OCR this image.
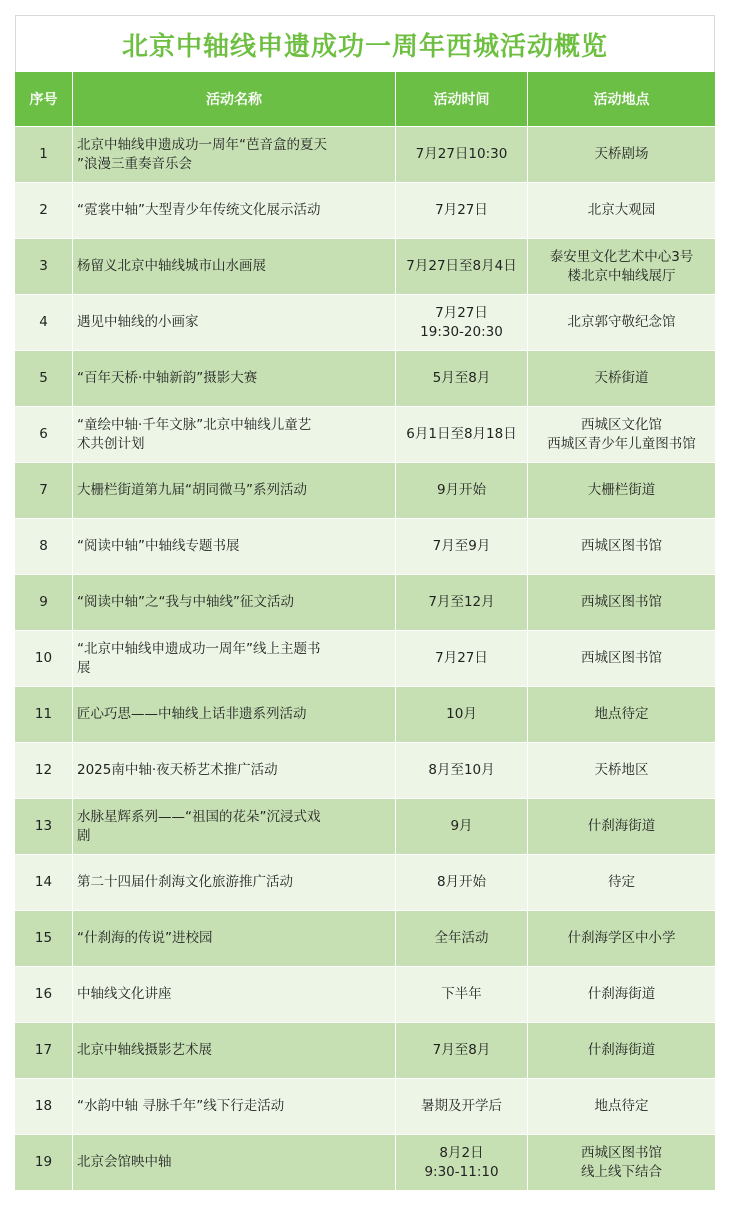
北京中轴线申遗成功一周年西城活动概览
序号	活动名称	活动时间	活动地点
1	北京中轴线申遗成功一周年“芭音盒的夏天
”浪漫三重奏音乐会	7月27日10:30	天桥剧场

2	“霓裳中轴”大型青少年传统文化展示活动	7月27日	北京大观园

3	杨留义北京中轴线城市山水画展	7月27日至8月4日	泰安里文化艺术中心3号
楼北京中轴线展厅

4	遇见中轴线的小画家	7月27日
19:30-20:30	北京郭守敬纪念馆

5	“百年天桥·中轴新韵”摄影大赛	5月至8月	天桥街道

6	“童绘中轴·千年文脉”北京中轴线儿童艺
术共创计划	6月1日至8月18日	西城区文化馆
西城区青少年儿童图书馆

7	大栅栏街道第九届“胡同微马”系列活动	9月开始	大栅栏街道

8	“阅读中轴”中轴线专题书展	7月至9月	西城区图书馆

9	“阅读中轴”之“我与中轴线”征文活动	7月至12月	西城区图书馆

10	“北京中轴线申遗成功一周年”线上主题书
展	7月27日	西城区图书馆

11	匠心巧思——中轴线上话非遗系列活动	10月	地点待定

12	2025南中轴·夜天桥艺术推广活动	8月至10月	天桥地区

13	水脉星辉系列——“祖国的花朵”沉浸式戏
剧	9月	什刹海街道

14	第二十四届什刹海文化旅游推广活动	8月开始	待定

15	“什刹海的传说”进校园	全年活动	什刹海学区中小学

16	中轴线文化讲座	下半年	什刹海街道

17	北京中轴线摄影艺术展	7月至8月	什刹海街道

18	“水韵中轴 寻脉千年”线下行走活动	暑期及开学后	地点待定

19	北京会馆映中轴	8月2日
9:30-11:10	西城区图书馆
线上线下结合
